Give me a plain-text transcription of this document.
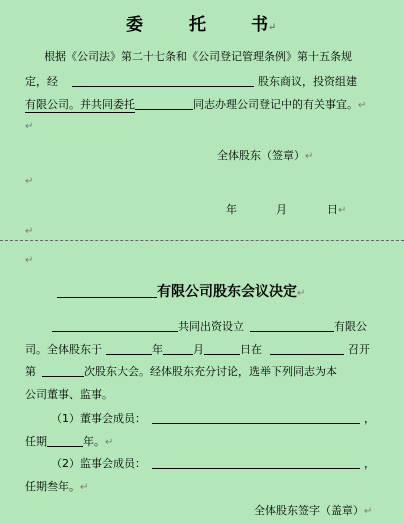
委	托	书↵
根据《公司法》第二十七条和《公司登记管理条例》第十五条规
定，经	股东商议，投资组建
有限公司。并共同委托	同志办理公司登记中的有关事宜。↵
↵
全体股东（签章）↵
↵
年	月	日↵
↵
↵
有限公司股东会议决定↵
共同出资设立	有限公
司。全体股东于	年	月	日在	召开
第	次股东大会。经体股东充分讨论，选举下列同志为本
公司董事、监事。
（1）董事会成员：	，
任期	年。↵
（2）监事会成员：	，
任期叁年。↵
全体股东签字（盖章）↵
